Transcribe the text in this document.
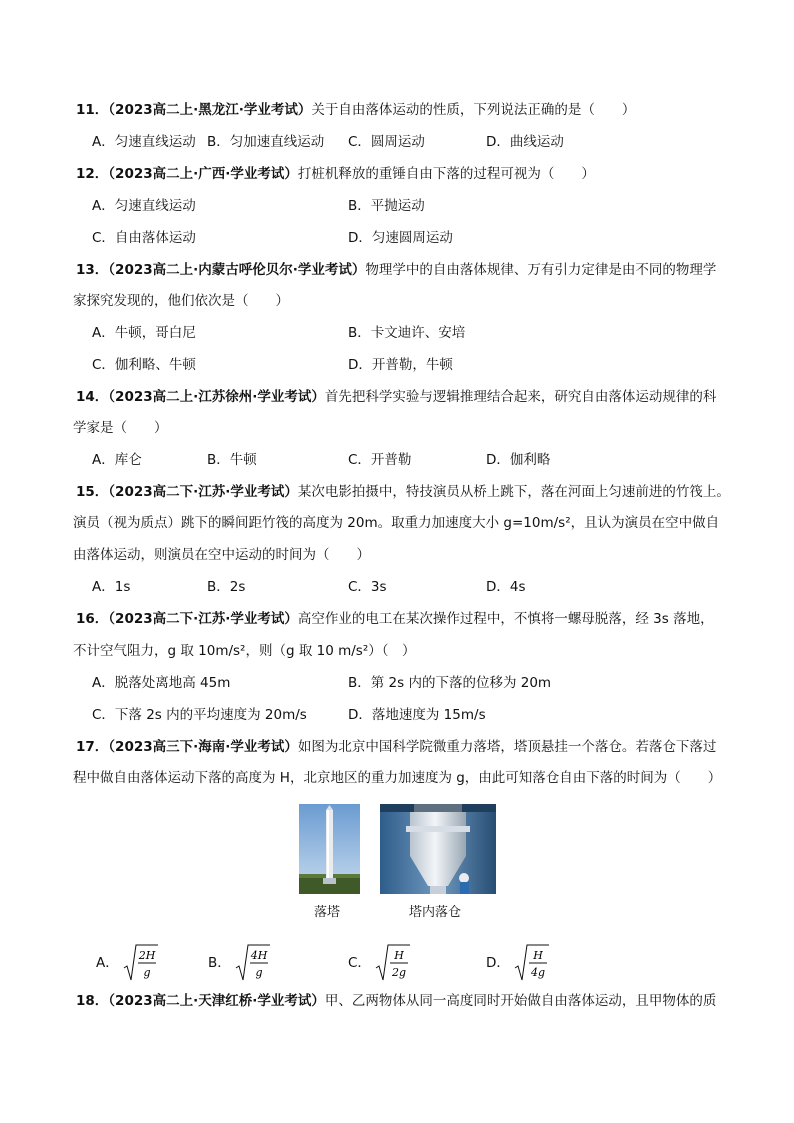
11．（2023高二上·黑龙江·学业考试）关于自由落体运动的性质，下列说法正确的是（　　）
A．匀速直线运动 B．匀加速直线运动 C．圆周运动	D．曲线运动
12．（2023高二上·广西·学业考试）打桩机释放的重锤自由下落的过程可视为（　　）
A．匀速直线运动	B．平抛运动
C．自由落体运动	D．匀速圆周运动
13．（2023高二上·内蒙古呼伦贝尔·学业考试）物理学中的自由落体规律、万有引力定律是由不同的物理学
家探究发现的，他们依次是（　　）
A．牛顿，哥白尼	B．卡文迪许、安培
C．伽利略、牛顿	D．开普勒，牛顿
14．（2023高二上·江苏徐州·学业考试）首先把科学实验与逻辑推理结合起来，研究自由落体运动规律的科
学家是（　　）
A．库仑	B．牛顿	C．开普勒	D．伽利略
15．（2023高二下·江苏·学业考试）某次电影拍摄中，特技演员从桥上跳下，落在河面上匀速前进的竹筏上。
演员（视为质点）跳下的瞬间距竹筏的高度为 20m。取重力加速度大小 g=10m/s²，且认为演员在空中做自
由落体运动，则演员在空中运动的时间为（　　）
A．1s	B．2s	C．3s	D．4s
16．（2023高二下·江苏·学业考试）高空作业的电工在某次操作过程中，不慎将一螺母脱落，经 3s 落地，
不计空气阻力，g 取 10m/s²，则（g 取 10 m/s²）（　）
A．脱落处离地高 45m	B．第 2s 内的下落的位移为 20m
C．下落 2s 内的平均速度为 20m/s	D．落地速度为 15m/s
17．（2023高三下·海南·学业考试）如图为北京中国科学院微重力落塔，塔顶悬挂一个落仓。若落仓下落过
程中做自由落体运动下落的高度为 H，北京地区的重力加速度为 g，由此可知落仓自由下落的时间为（　　）
落塔	塔内落仓
A． 2H
g
B． 4H
g
C． H
2g
D． H
4g
18．（2023高二上·天津红桥·学业考试）甲、乙两物体从同一高度同时开始做自由落体运动，且甲物体的质
